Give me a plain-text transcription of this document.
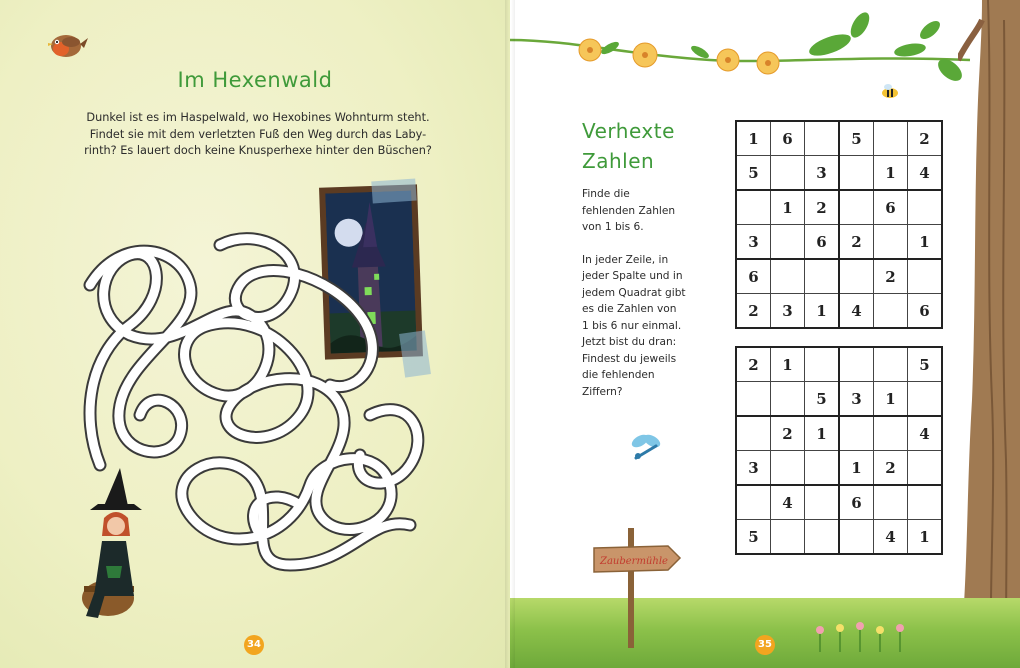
Im Hexenwald
Dunkel ist es im Haspelwald, wo Hexobines Wohnturm steht.
Findet sie mit dem verletzten Fuß den Weg durch das Laby-
rinth? Es lauert doch keine Knusperhexe hinter den Büschen?
34
Verhexte
Zahlen
Finde die
fehlenden Zahlen
von 1 bis 6.
In jeder Zeile, in
jeder Spalte und in
jedem Quadrat gibt
es die Zahlen von
1 bis 6 nur einmal.
Jetzt bist du dran:
Findest du jeweils
die fehlenden
Ziffern?
Zaubermühle
35
1	6		5		2
5		3		1	4
	1	2		6	
3		6	2		1
6				2	
2	3	1	4		6
2	1				5
		5	3	1	
	2	1			4
3			1	2	
	4		6		
5				4	1
